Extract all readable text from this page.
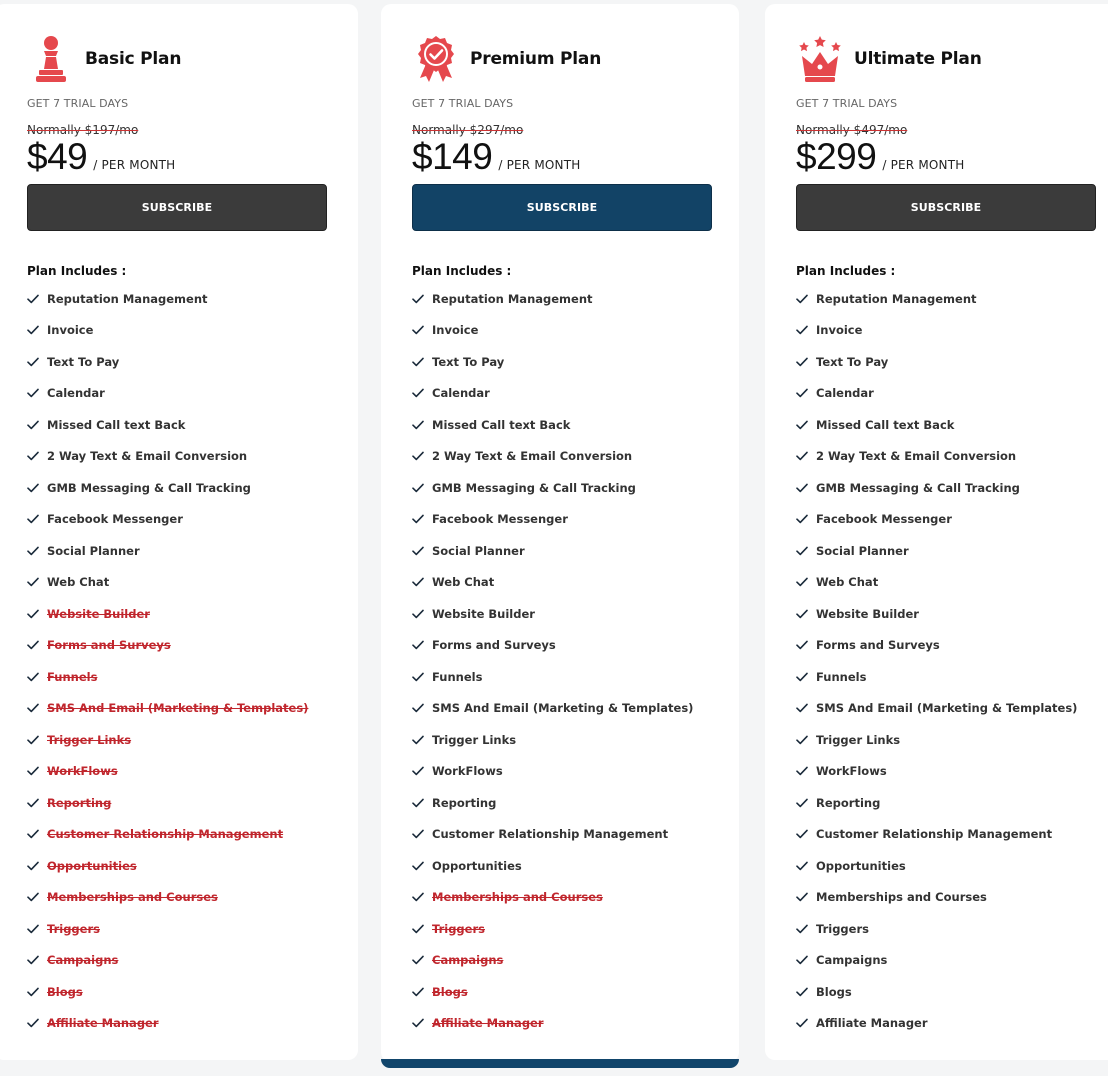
Basic Plan
GET 7 TRIAL DAYS
Normally $197/mo
$49 / PER MONTH
SUBSCRIBE
Plan Includes :
Reputation Management
Invoice
Text To Pay
Calendar
Missed Call text Back
2 Way Text & Email Conversion
GMB Messaging & Call Tracking
Facebook Messenger
Social Planner
Web Chat
Website Builder
Forms and Surveys
Funnels
SMS And Email (Marketing & Templates)
Trigger Links
WorkFlows
Reporting
Customer Relationship Management
Opportunities
Memberships and Courses
Triggers
Campaigns
Blogs
Affiliate Manager
Premium Plan
GET 7 TRIAL DAYS
Normally $297/mo
$149 / PER MONTH
SUBSCRIBE
Plan Includes :
Reputation Management
Invoice
Text To Pay
Calendar
Missed Call text Back
2 Way Text & Email Conversion
GMB Messaging & Call Tracking
Facebook Messenger
Social Planner
Web Chat
Website Builder
Forms and Surveys
Funnels
SMS And Email (Marketing & Templates)
Trigger Links
WorkFlows
Reporting
Customer Relationship Management
Opportunities
Memberships and Courses
Triggers
Campaigns
Blogs
Affiliate Manager
Ultimate Plan
GET 7 TRIAL DAYS
Normally $497/mo
$299 / PER MONTH
SUBSCRIBE
Plan Includes :
Reputation Management
Invoice
Text To Pay
Calendar
Missed Call text Back
2 Way Text & Email Conversion
GMB Messaging & Call Tracking
Facebook Messenger
Social Planner
Web Chat
Website Builder
Forms and Surveys
Funnels
SMS And Email (Marketing & Templates)
Trigger Links
WorkFlows
Reporting
Customer Relationship Management
Opportunities
Memberships and Courses
Triggers
Campaigns
Blogs
Affiliate Manager
